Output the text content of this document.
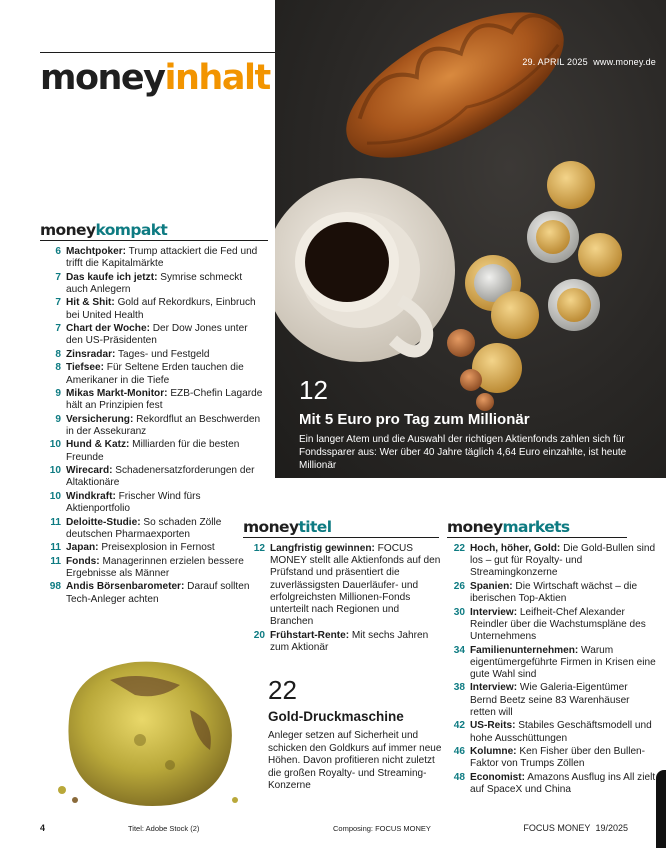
moneyinhalt	29. APRIL 2025 www.money.de
12
Mit 5 Euro pro Tag zum Millionär
Ein langer Atem und die Auswahl der richtigen Aktienfonds zahlen sich für Fondssparer aus: Wer über 40 Jahre täglich 4,64 Euro einzahlte, ist heute Millionär
moneykompakt
6 Machtpoker: Trump attackiert die Fed und trifft die Kapitalmärkte
7 Das kaufe ich jetzt: Symrise schmeckt auch Anlegern
7 Hit & Shit: Gold auf Rekordkurs, Einbruch bei United Health
7 Chart der Woche: Der Dow Jones unter den US-Präsidenten
8 Zinsradar: Tages- und Festgeld
8 Tiefsee: Für Seltene Erden tauchen die Amerikaner in die Tiefe
9 Mikas Markt-Monitor: EZB-Chefin Lagarde hält an Prinzipien fest
9 Versicherung: Rekordflut an Beschwerden in der Assekuranz
10 Hund & Katz: Milliarden für die besten Freunde
10 Wirecard: Schadenersatzforderungen der Altaktionäre
10 Windkraft: Frischer Wind fürs Aktienportfolio
11 Deloitte-Studie: So schaden Zölle deutschen Pharmaexporten
11 Japan: Preisexplosion in Fernost
11 Fonds: Managerinnen erzielen bessere Ergebnisse als Männer
98 Andis Börsenbarometer: Darauf sollten Tech-Anleger achten
moneytitel
12 Langfristig gewinnen: FOCUS MONEY stellt alle Aktienfonds auf den Prüfstand und präsentiert die zuverlässigsten Dauerläufer- und erfolgreichsten Millionen-Fonds unterteilt nach Regionen und Branchen
20 Frühstart-Rente: Mit sechs Jahren zum Aktionär
moneymarkets
22 Hoch, höher, Gold: Die Gold-Bullen sind los – gut für Royalty- und Streamingkonzerne
26 Spanien: Die Wirtschaft wächst – die iberischen Top-Aktien
30 Interview: Leifheit-Chef Alexander Reindler über die Wachstumspläne des Unternehmens
34 Familienunternehmen: Warum eigentümergeführte Firmen in Krisen eine gute Wahl sind
38 Interview: Wie Galeria-Eigentümer Bernd Beetz seine 83 Warenhäuser retten will
42 US-Reits: Stabiles Geschäftsmodell und hohe Ausschüttungen
46 Kolumne: Ken Fisher über den Bullen-Faktor von Trumps Zöllen
48 Economist: Amazons Ausflug ins All zielt auf SpaceX und China
22
Gold-Druckmaschine
Anleger setzen auf Sicherheit und schicken den Goldkurs auf immer neue Höhen. Davon profitieren nicht zuletzt die großen Royalty- und Streaming-Konzerne
4	Titel: Adobe Stock (2)	Composing: FOCUS MONEY	FOCUS MONEY 19/2025
